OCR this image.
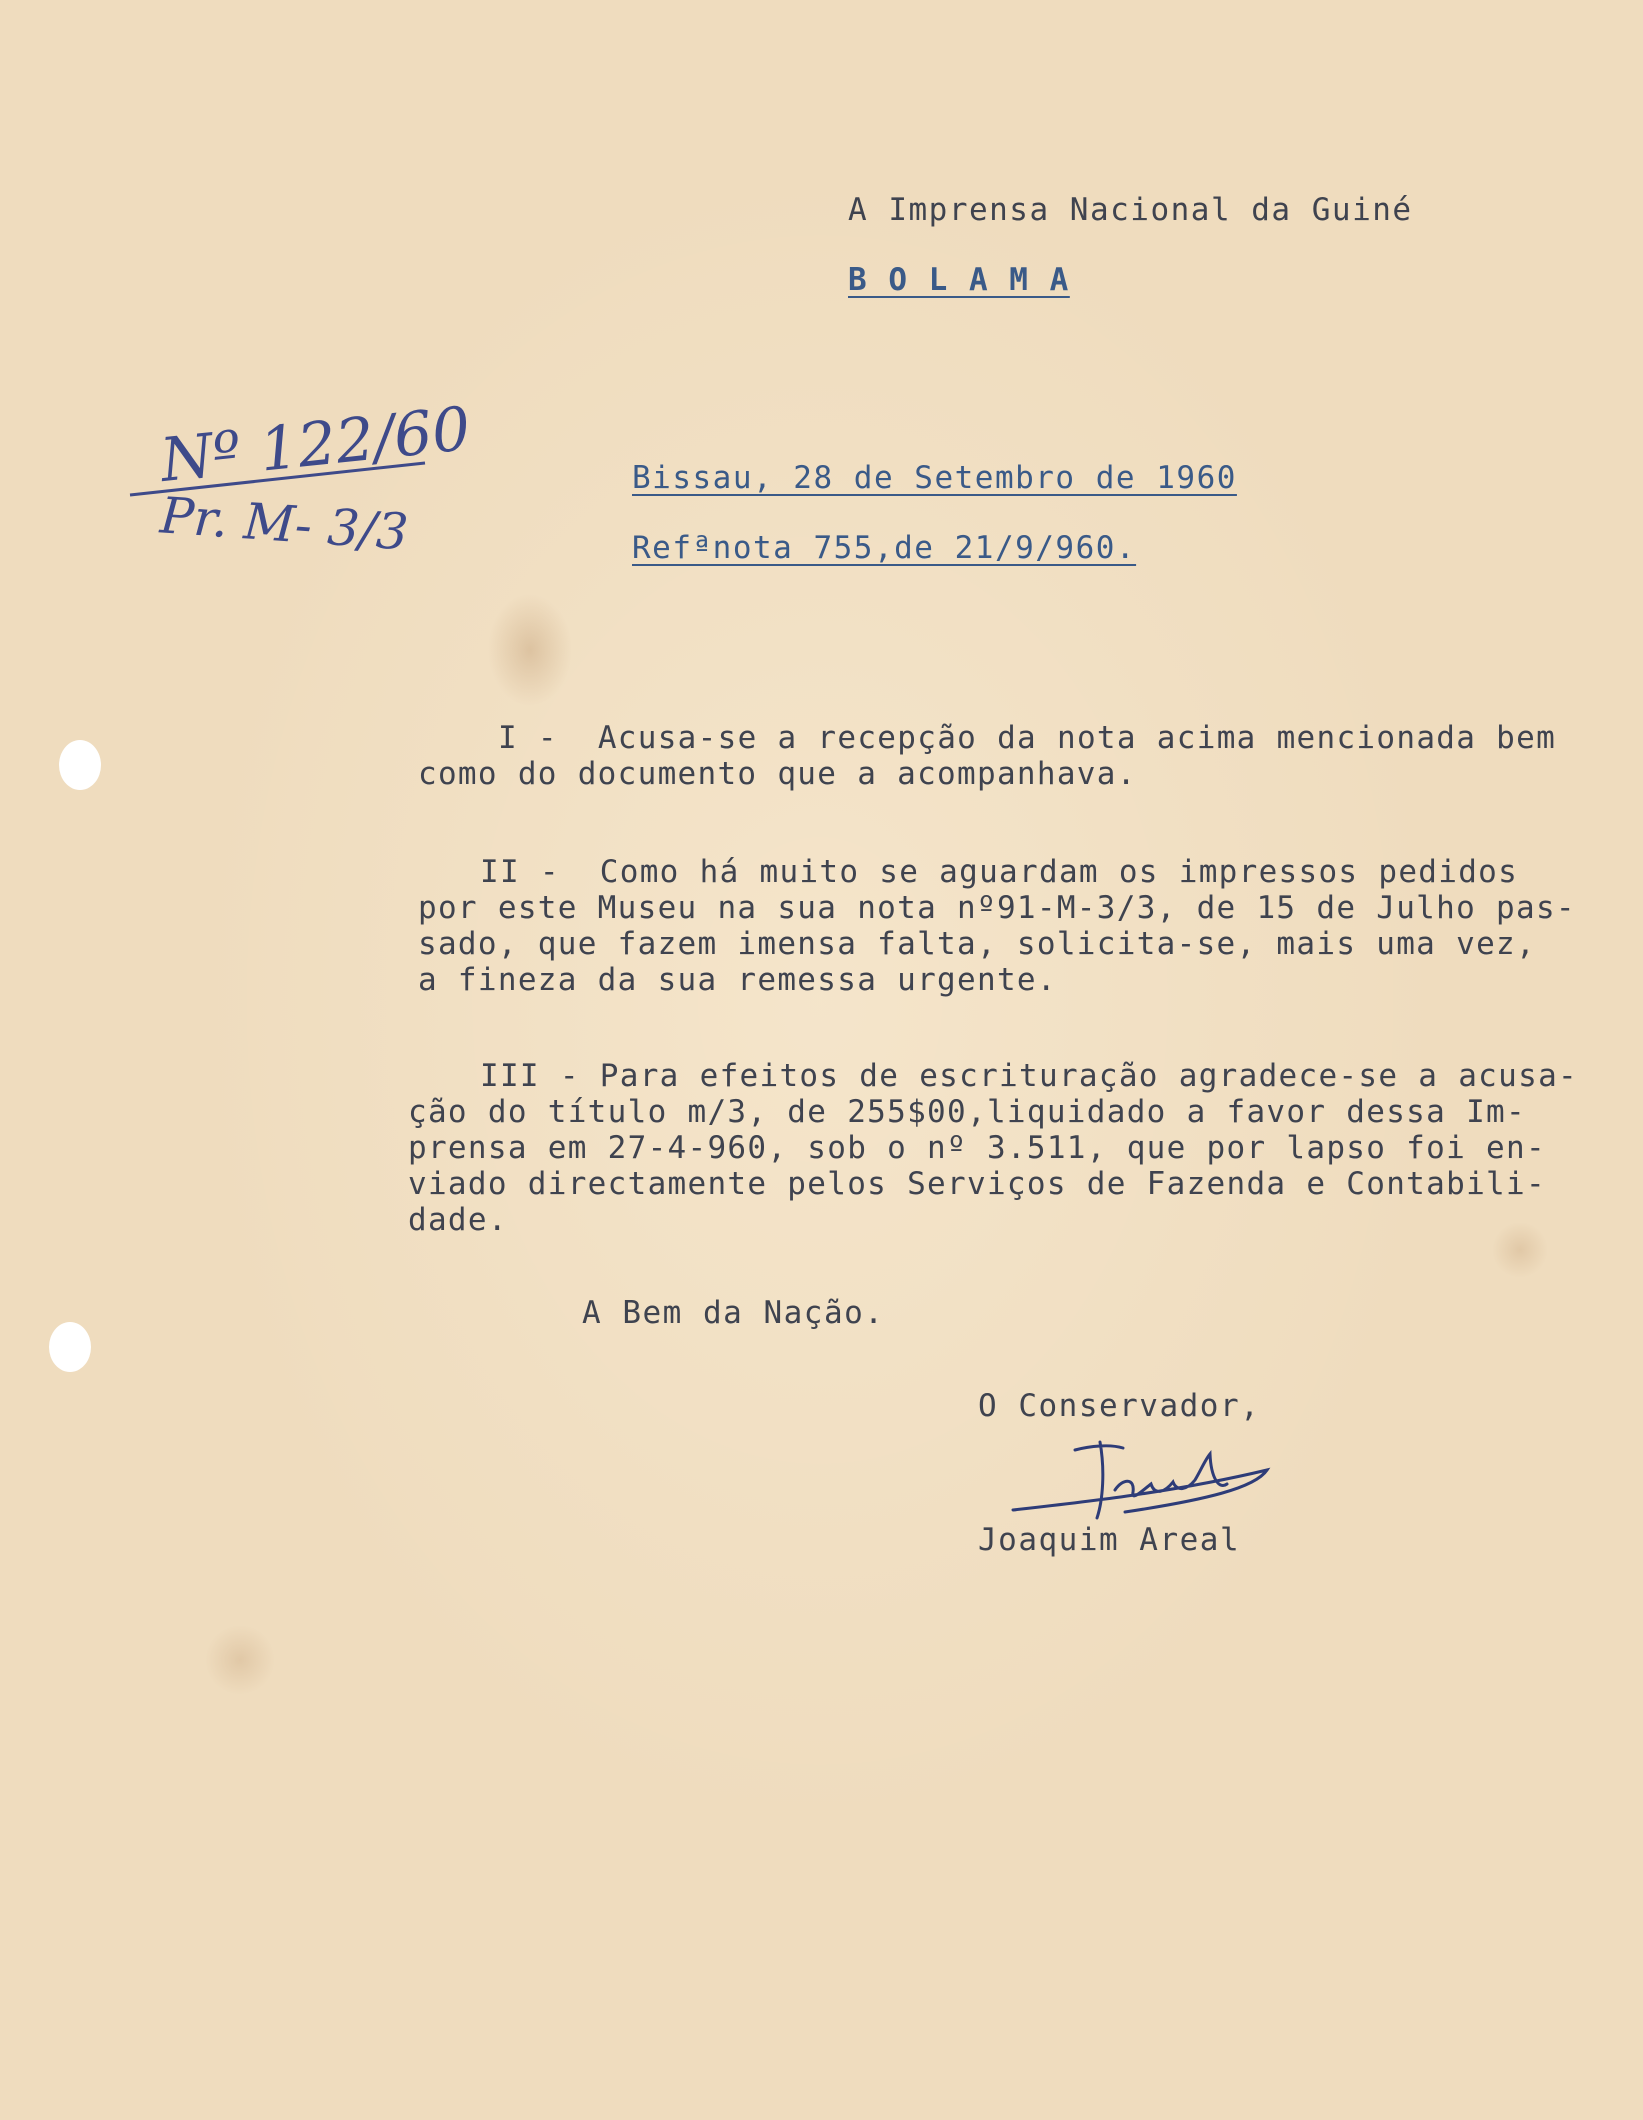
A Imprensa Nacional da Guiné
B O L A M A
Nº 122/60
Pr. M- 3/3
Bissau, 28 de Setembro de 1960
Refªnota 755,de 21/9/960.
I -  Acusa-se a recepção da nota acima mencionada bem
como do documento que a acompanhava.
II -  Como há muito se aguardam os impressos pedidos
por este Museu na sua nota nº91-M-3/3, de 15 de Julho pas-
sado, que fazem imensa falta, solicita-se, mais uma vez,
a fineza da sua remessa urgente.
III - Para efeitos de escrituração agradece-se a acusa-
ção do título m/3, de 255$00,liquidado a favor dessa Im-
prensa em 27-4-960, sob o nº 3.511, que por lapso foi en-
viado directamente pelos Serviços de Fazenda e Contabili-
dade.
A Bem da Nação.
O Conservador,
Joaquim Areal
